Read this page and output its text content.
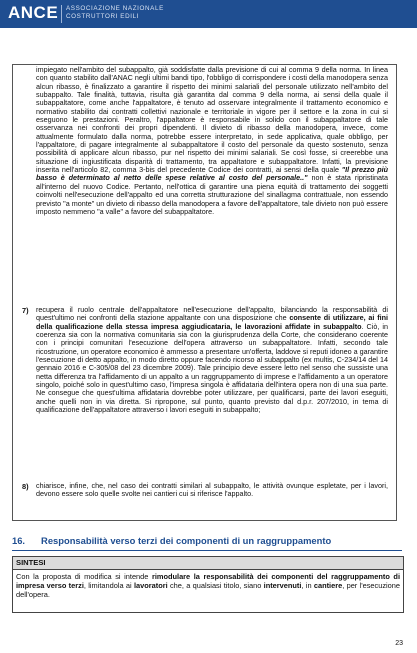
ANCE ASSOCIAZIONE NAZIONALE
COSTRUTTORI EDILI
impiegato nell'ambito del subappalto, già soddisfatte dalla previsione di cui al comma 9 della norma. In linea con quanto stabilito dall'ANAC negli ultimi bandi tipo, l'obbligo di corrispondere i costi della manodopera senza alcun ribasso, è finalizzato a garantire il rispetto dei minimi salariali del personale utilizzato nell'ambito del subappalto. Tale finalità, tuttavia, risulta già garantita dal comma 9 della norma, ai sensi della quale il subappaltatore, come anche l'appaltatore, è tenuto ad osservare integralmente il trattamento economico e normativo stabilito dai contratti collettivi nazionale e territoriale in vigore per il settore e la zona in cui si eseguono le prestazioni. Peraltro, l'appaltatore è responsabile in solido con il subappaltatore di tale osservanza nei confronti dei propri dipendenti. Il divieto di ribasso della manodopera, invece, come attualmente formulato dalla norma, potrebbe essere interpretato, in sede applicativa, quale obbligo, per l'appaltatore, di pagare integralmente al subappaltatore il costo del personale da questo sostenuto, senza possibilità di applicare alcun ribasso, pur nel rispetto dei minimi salariali. Se così fosse, si creerebbe una situazione di ingiustificata disparità di trattamento, tra appaltatore e subappaltatore. Infatti, la previsione inserita nell'articolo 82, comma 3-bis del precedente Codice dei contratti, ai sensi della quale "Il prezzo più basso è determinato al netto delle spese relative al costo del personale.." non è stata ripristinata all'interno del nuovo Codice. Pertanto, nell'ottica di garantire una piena equità di trattamento dei soggetti coinvolti nell'esecuzione dell'appalto ed una corretta strutturazione del sinallagma contrattuale, non essendo previsto "a monte" un divieto di ribasso della manodopera a favore dell'appaltatore, tale divieto non può essere imposto nemmeno "a valle" a favore del subappaltatore.
7) recupera il ruolo centrale dell'appaltatore nell'esecuzione dell'appalto, bilanciando la responsabilità di quest'ultimo nei confronti della stazione appaltante con una disposizione che consente di utilizzare, ai fini della qualificazione della stessa impresa aggiudicataria, le lavorazioni affidate in subappalto. Ciò, in coerenza sia con la normativa comunitaria sia con la giurisprudenza della Corte, che considerano coerente con i principi comunitari l'esecuzione dell'opera attraverso un subappaltatore. Infatti, secondo tale ricostruzione, un operatore economico è ammesso a presentare un'offerta, laddove si reputi idoneo a garantire l'esecuzione di detto appalto, in modo diretto oppure facendo ricorso al subappalto (ex multis, C-234/14 del 14 gennaio 2016 e C-305/08 del 23 dicembre 2009). Tale principio deve essere letto nel senso che sussiste una netta differenza tra l'affidamento di un appalto a un raggruppamento di imprese e l'affidamento a un operatore singolo, poiché solo in quest'ultimo caso, l'impresa singola è affidataria dell'intera opera non di una sua parte. Ne consegue che quest'ultima affidataria dovrebbe poter utilizzare, per qualificarsi, parte dei lavori eseguiti, anche quelli non in via diretta. Si ripropone, sul punto, quanto previsto dal d.p.r. 207/2010, in tema di qualificazione dell'appaltatore attraverso i lavori eseguiti in subappalto;
8) chiarisce, infine, che, nel caso dei contratti similari al subappalto, le attività ovunque espletate, per i lavori, devono essere solo quelle svolte nei cantieri cui si riferisce l'appalto.
16. Responsabilità verso terzi dei componenti di un raggruppamento
SINTESI
Con la proposta di modifica si intende rimodulare la responsabilità dei componenti del raggruppamento di impresa verso terzi, limitandola ai lavoratori che, a qualsiasi titolo, siano intervenuti, in cantiere, per l'esecuzione dell'opera.
23
